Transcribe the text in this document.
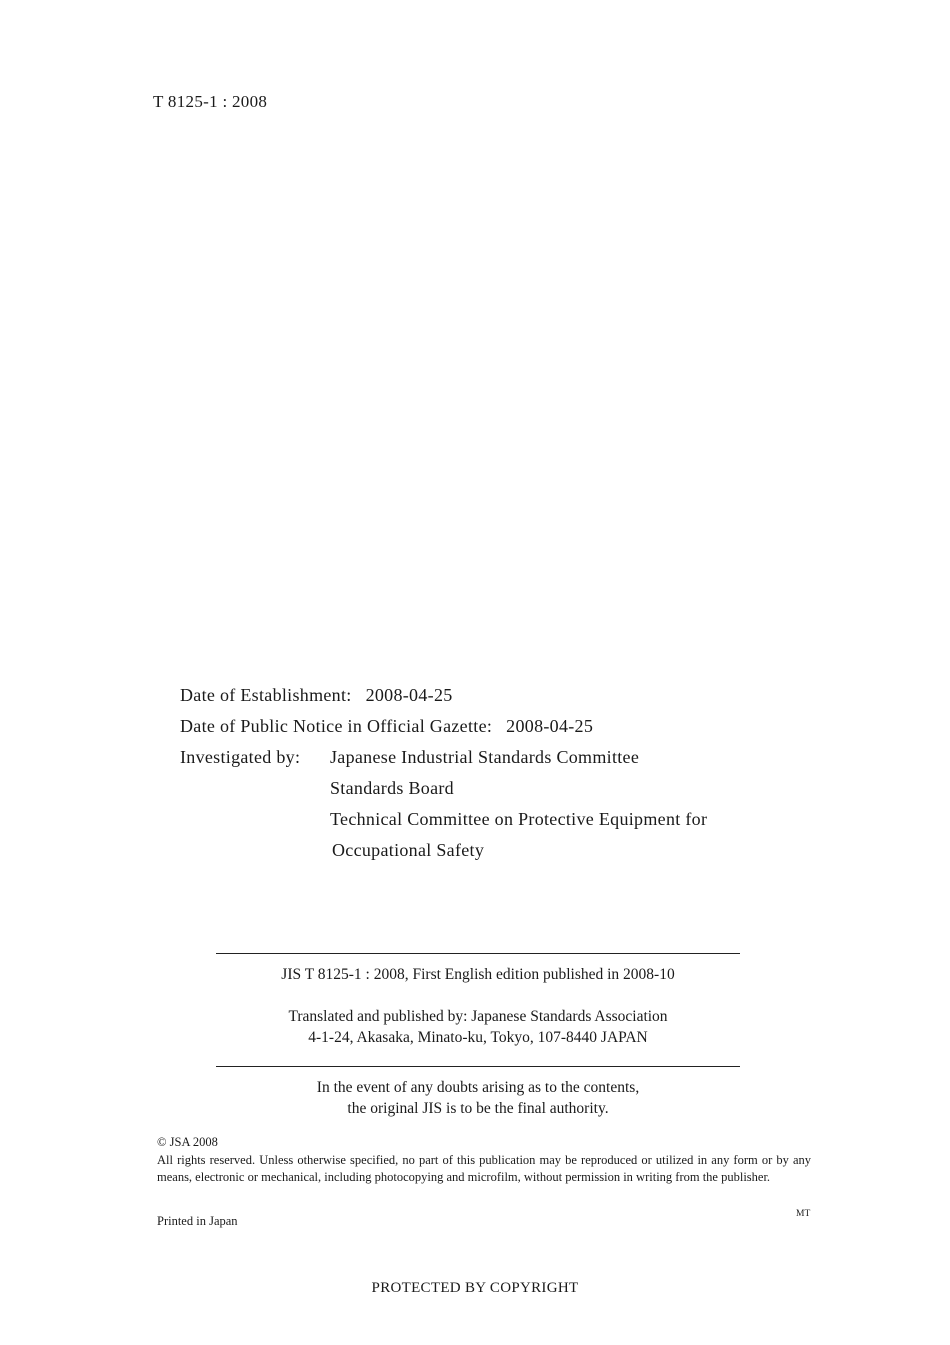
T 8125-1 : 2008
Date of Establishment: 2008-04-25
Date of Public Notice in Official Gazette: 2008-04-25
Investigated by:	Japanese Industrial Standards Committee
Standards Board
Technical Committee on Protective Equipment for
Occupational Safety
JIS T 8125-1 : 2008, First English edition published in 2008-10
Translated and published by: Japanese Standards Association
4-1-24, Akasaka, Minato-ku, Tokyo, 107-8440 JAPAN
In the event of any doubts arising as to the contents,
the original JIS is to be the final authority.
© JSA 2008
All rights reserved. Unless otherwise specified, no part of this publication may be reproduced or utilized in any form or by any means, electronic or mechanical, including photocopying and microfilm, without permission in writing from the publisher.
Printed in Japan	MT
PROTECTED BY COPYRIGHT
